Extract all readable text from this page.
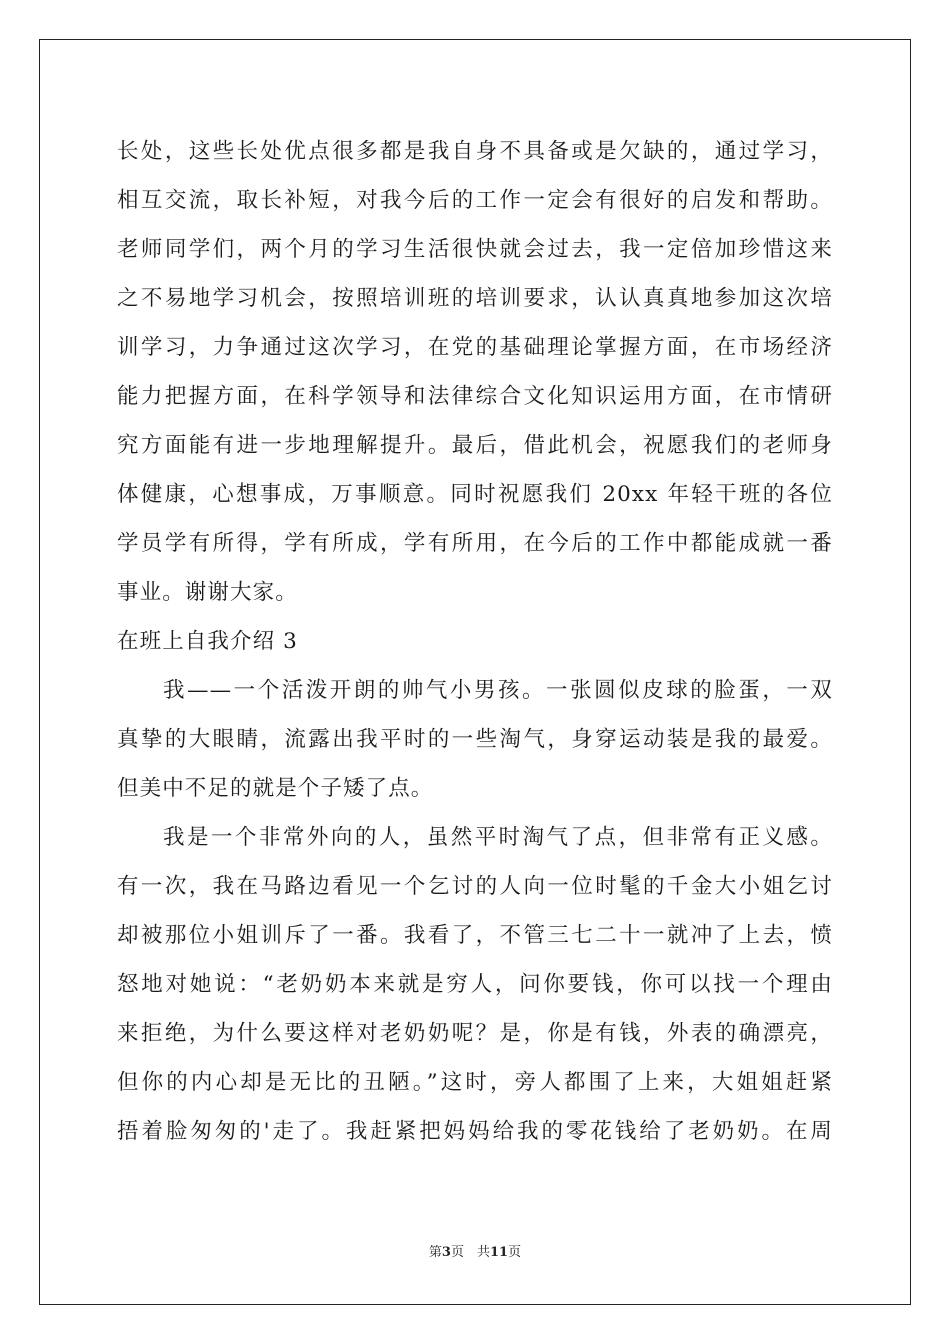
长处，这些长处优点很多都是我自身不具备或是欠缺的，通过学习，
相互交流，取长补短，对我今后的工作一定会有很好的启发和帮助。
老师同学们，两个月的学习生活很快就会过去，我一定倍加珍惜这来
之不易地学习机会，按照培训班的培训要求，认认真真地参加这次培
训学习，力争通过这次学习，在党的基础理论掌握方面，在市场经济
能力把握方面，在科学领导和法律综合文化知识运用方面，在市情研
究方面能有进一步地理解提升。最后，借此机会，祝愿我们的老师身
体健康，心想事成，万事顺意。同时祝愿我们 20xx 年轻干班的各位
学员学有所得，学有所成，学有所用，在今后的工作中都能成就一番
事业。谢谢大家。
在班上自我介绍 3
我——一个活泼开朗的帅气小男孩。一张圆似皮球的脸蛋，一双
真挚的大眼睛，流露出我平时的一些淘气，身穿运动装是我的最爱。
但美中不足的就是个子矮了点。
我是一个非常外向的人，虽然平时淘气了点，但非常有正义感。
有一次，我在马路边看见一个乞讨的人向一位时髦的千金大小姐乞讨
却被那位小姐训斥了一番。我看了，不管三七二十一就冲了上去，愤
怒地对她说：“老奶奶本来就是穷人，问你要钱，你可以找一个理由
来拒绝，为什么要这样对老奶奶呢？是，你是有钱，外表的确漂亮，
但你的内心却是无比的丑陋。”这时，旁人都围了上来，大姐姐赶紧
捂着脸匆匆的'走了。我赶紧把妈妈给我的零花钱给了老奶奶。在周
第3页　共11页
